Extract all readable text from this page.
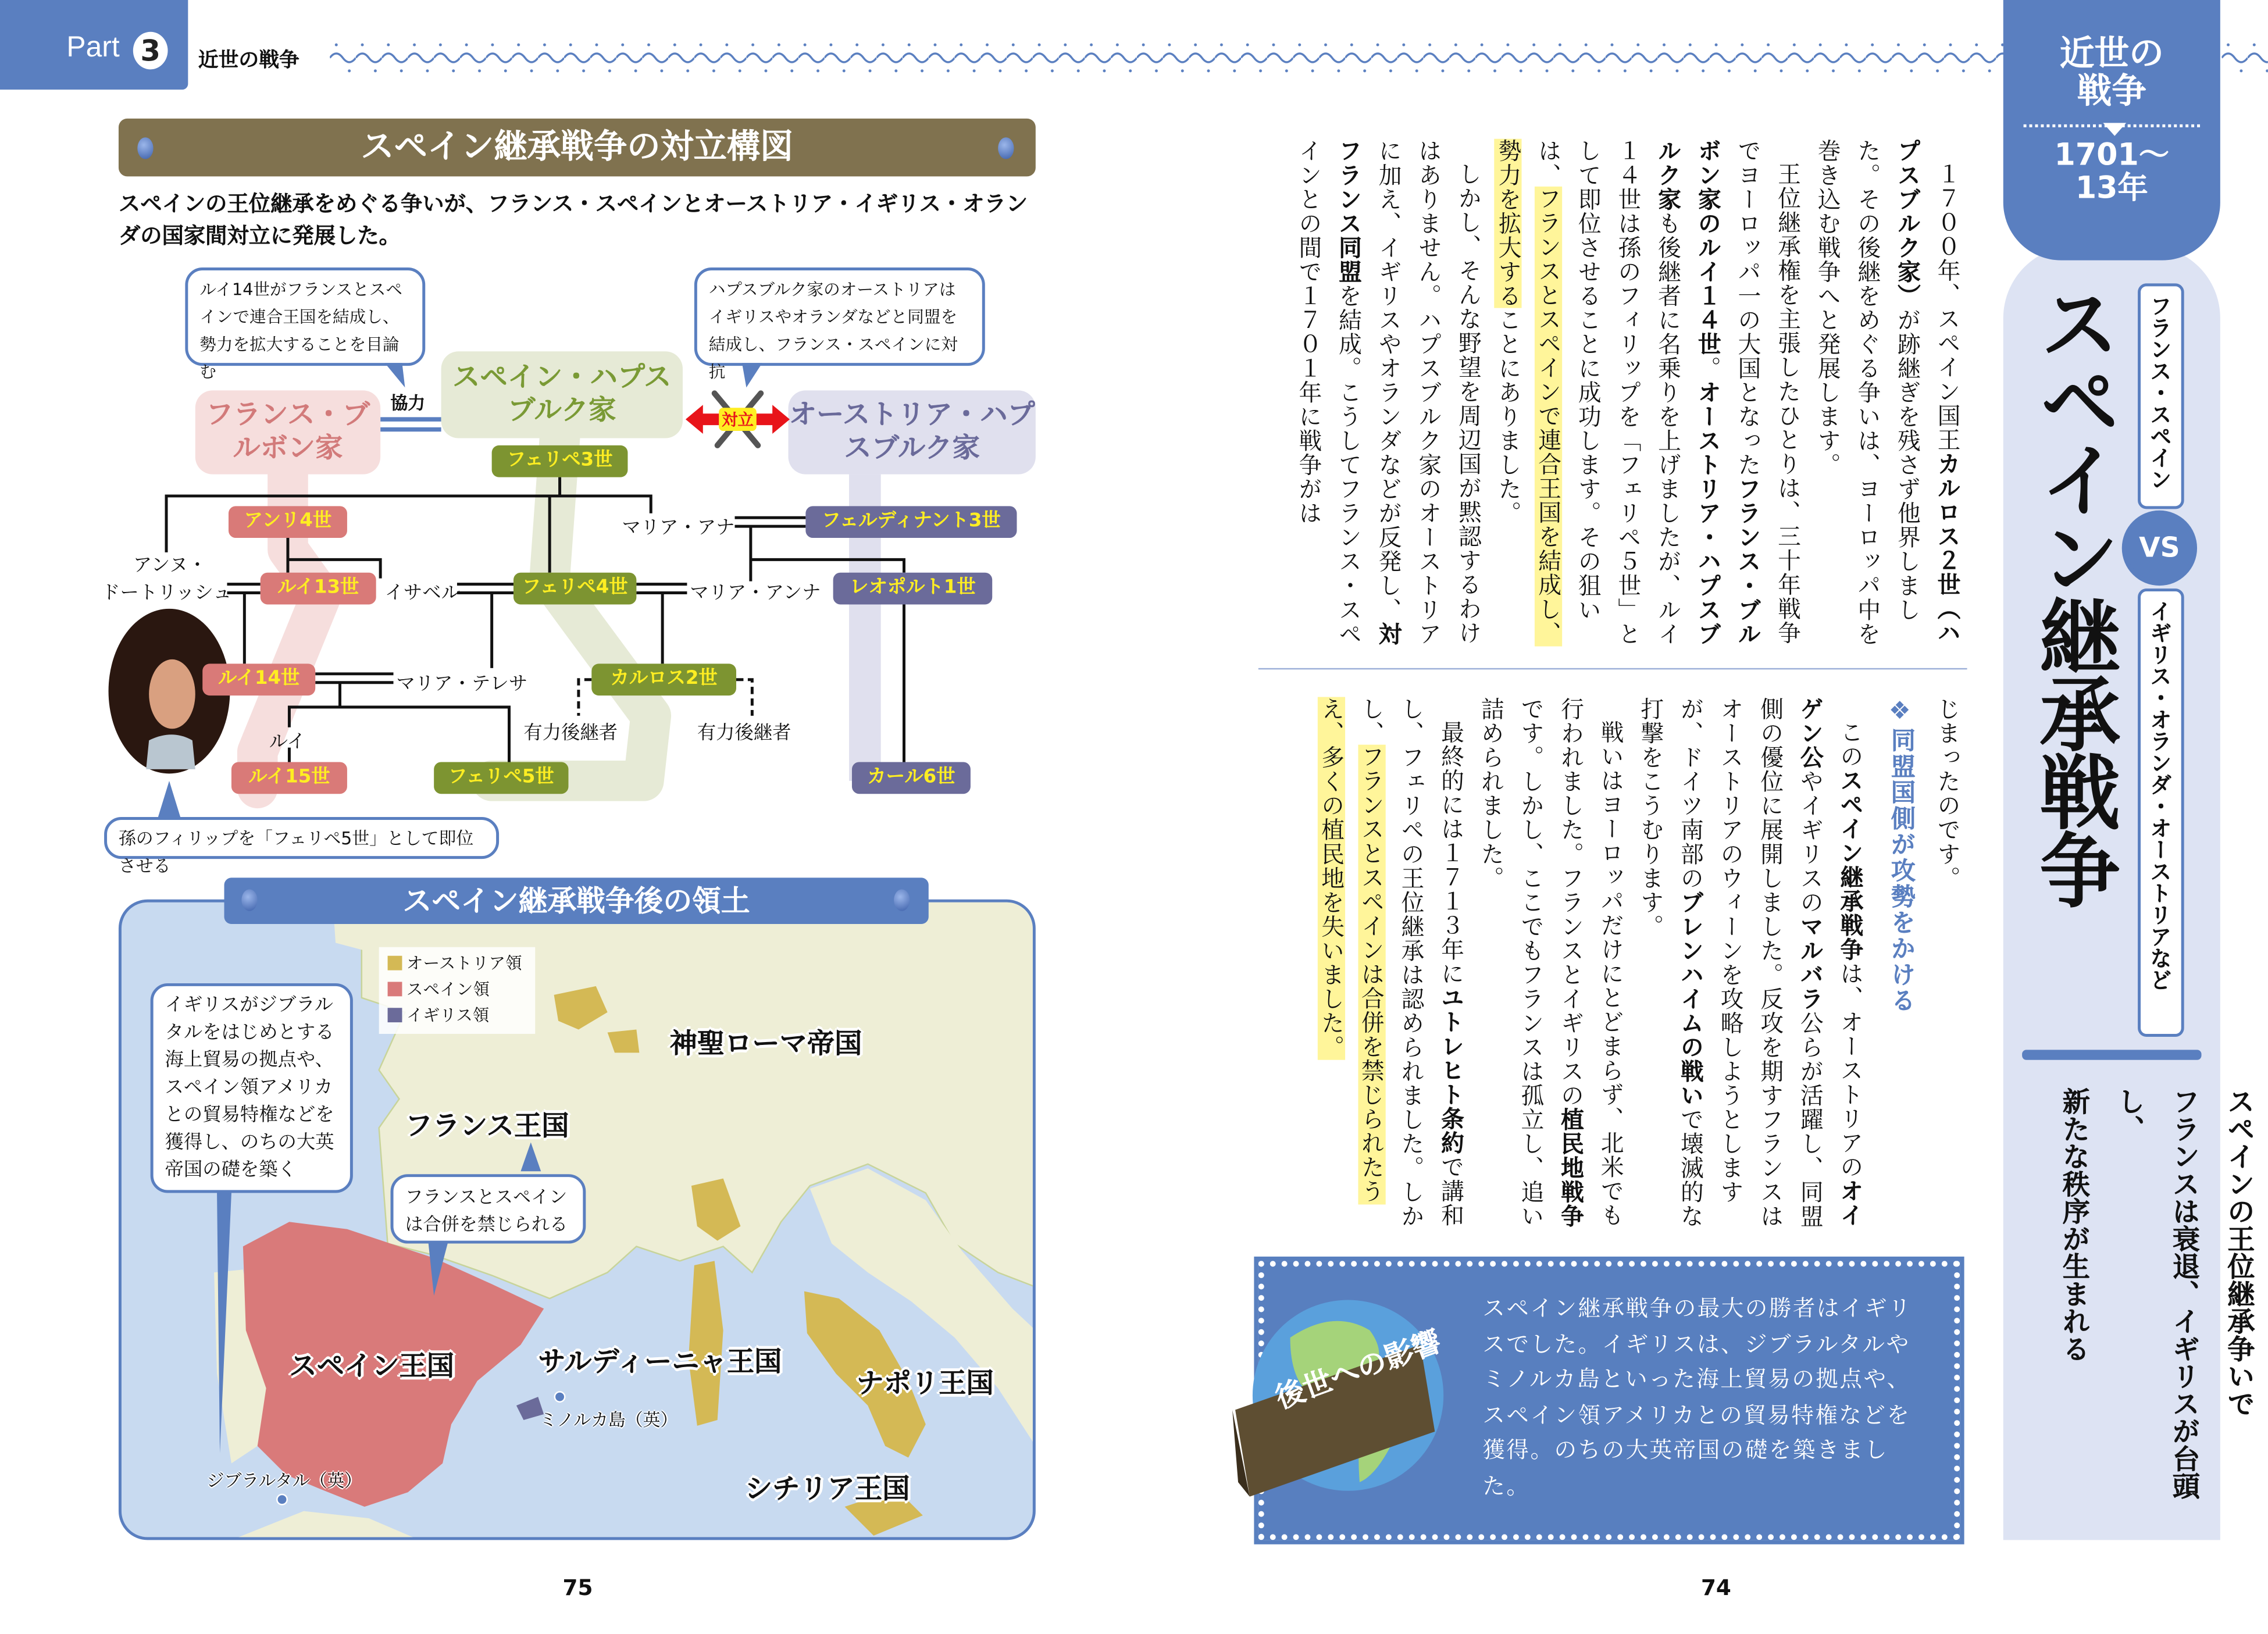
Part	3	近世の戦争
スペイン継承戦争の対立構図
スペインの王位継承をめぐる争いが、フランス・スペインとオーストリア・イギリス・オランダの国家間対立に発展した。
ルイ14世がフランスとスペインで連合王国を結成し、勢力を拡大することを目論む
ハプスブルク家のオーストリアはイギリスやオランダなどと同盟を結成し、フランス・スペインに対抗
フランス・ブルボン家
スペイン・ハプスブルク家	オーストリア・ハプスブルク家
協力
対立
フェリペ3世
アンリ4世	フェルディナント3世
ルイ13世	フェリペ4世	レオポルト1世
ルイ14世	カルロス2世
ルイ15世	フェリペ5世	カール6世
アンヌ・
ドートリッシュ	イサベル
マリア・アナ
マリア・アンナ
マリア・テレサ
ルイ	有力後継者	有力後継者
孫のフィリップを「フェリペ5世」として即位させる
スペイン継承戦争後の領土
オーストリア領
スペイン領
イギリス領
イギリスがジブラルタルをはじめとする海上貿易の拠点や、スペイン領アメリカとの貿易特権などを獲得し、のちの大英帝国の礎を築く
フランスとスペインは合併を禁じられる
神聖ローマ帝国
フランス王国
スペイン王国	サルディーニャ王国
ナポリ王国
シチリア王国
ミノルカ島（英）
ジブラルタル（英）
75

１７００年、スペイン国王カルロス２世（ハプスブルク家）が跡継ぎを残さず他界しました。その後継をめぐる争いは、ヨーロッパ中を巻き込む戦争へと発展します。

王位継承権を主張したひとりは、三十年戦争でヨーロッパ一の大国となったフランス・ブルボン家のルイ１４世。オーストリア・ハプスブルク家も後継者に名乗りを上げましたが、ルイ１４世は孫のフィリップを「フェリペ５世」として即位させることに成功します。その狙いは、フランスとスペインで連合王国を結成し、勢力を拡大することにありました。

しかし、そんな野望を周辺国が黙認するわけはありません。ハプスブルク家のオーストリアに加え、イギリスやオランダなどが反発し、対フランス同盟を結成。こうしてフランス・スペインとの間で１７０１年に戦争がは

じまったのです。

❖同盟国側が攻勢をかける

このスペイン継承戦争は、オーストリアのオイゲン公やイギリスのマルバラ公らが活躍し、同盟側の優位に展開しました。反攻を期すフランスはオーストリアのウィーンを攻略しようとしますが、ドイツ南部のブレンハイムの戦いで壊滅的な打撃をこうむります。

戦いはヨーロッパだけにとどまらず、北米でも行われました。フランスとイギリスの植民地戦争です。しかし、ここでもフランスは孤立し、追い詰められました。

最終的には１７１３年にユトレヒト条約で講和し、フェリペの王位継承は認められました。しかし、フランスとスペインは合併を禁じられたうえ、多くの植民地を失いました。

後世への影響
スペイン継承戦争の最大の勝者はイギリスでした。イギリスは、ジブラルタルやミノルカ島といった海上貿易の拠点や、スペイン領アメリカとの貿易特権などを獲得。のちの大英帝国の礎を築きました。
74
近世の戦争
1701〜
13年
スペイン継承戦争	フランス・スペイン
VS
イギリス・オランダ・オーストリアなど
スペインの王位継承争いで
フランスは衰退、イギリスが台頭し、
新たな秩序が生まれる
